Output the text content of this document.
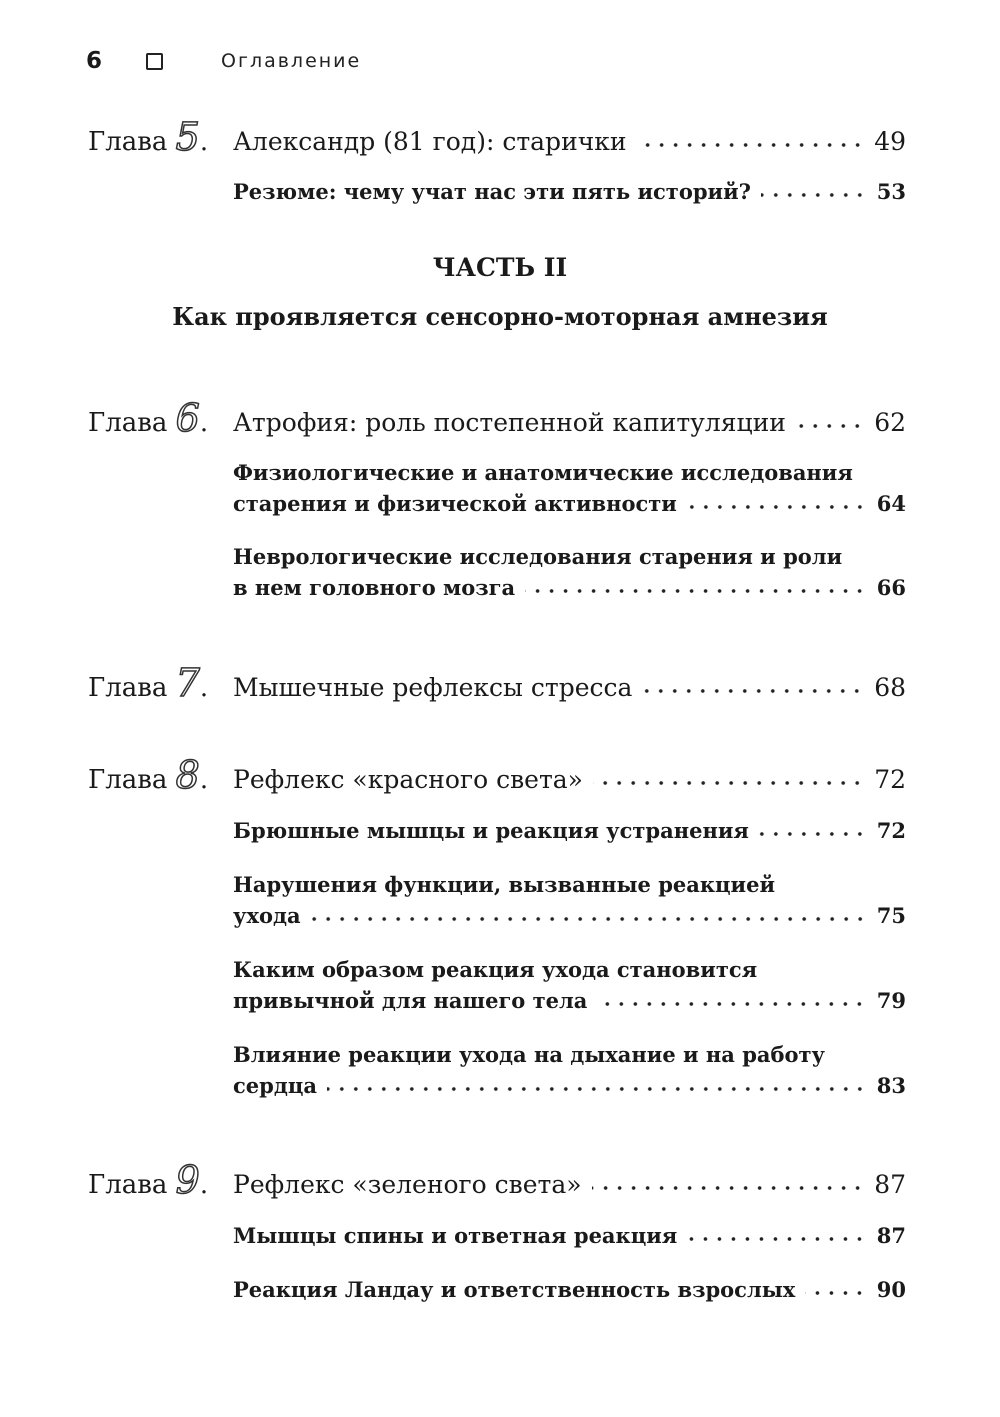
6	Оглавление
ЧАСТЬ II
Как проявляется сенсорно-моторная амнезия
Глава 5. Александр (81 год): старички	49
Резюме: чему учат нас эти пять историй?	53
Глава 6. Атрофия: роль постепенной капитуляции	62
Физиологические и анатомические исследования
старения и физической активности	64
Неврологические исследования старения и роли
в нем головного мозга	66
Глава 7. Мышечные рефлексы стресса	68
Глава 8. Рефлекс «красного света»	72
Брюшные мышцы и реакция устранения	72
Нарушения функции, вызванные реакцией
ухода	75
Каким образом реакция ухода становится
привычной для нашего тела	79
Влияние реакции ухода на дыхание и на работу
сердца	83
Глава 9. Рефлекс «зеленого света»	87
Мышцы спины и ответная реакция	87
Реакция Ландау и ответственность взрослых	90
